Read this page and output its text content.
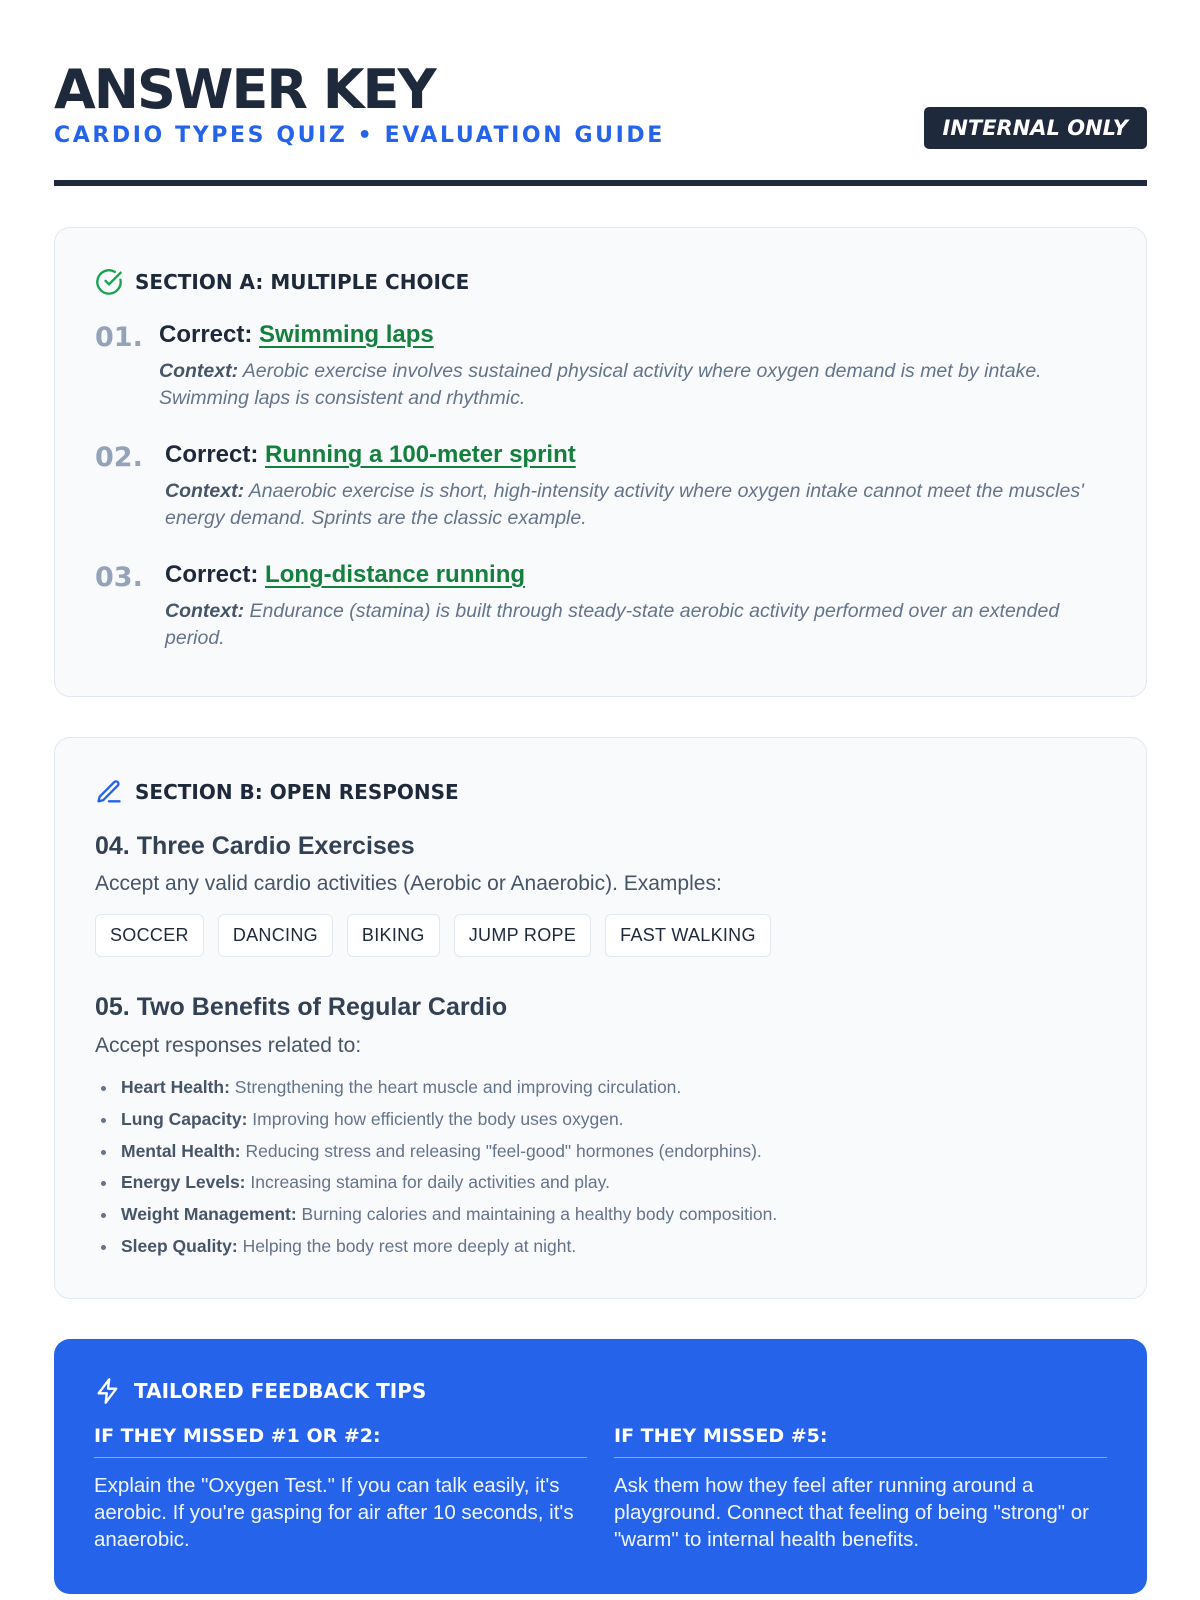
ANSWER KEY
CARDIO TYPES QUIZ • EVALUATION GUIDE	INTERNAL ONLY
SECTION A: MULTIPLE CHOICE
01. Correct: Swimming laps
Context: Aerobic exercise involves sustained physical activity where oxygen demand is met by intake. Swimming laps is consistent and rhythmic.
02. Correct: Running a 100-meter sprint
Context: Anaerobic exercise is short, high-intensity activity where oxygen intake cannot meet the muscles' energy demand. Sprints are the classic example.
03. Correct: Long-distance running
Context: Endurance (stamina) is built through steady-state aerobic activity performed over an extended period.
SECTION B: OPEN RESPONSE
04. Three Cardio Exercises
Accept any valid cardio activities (Aerobic or Anaerobic). Examples:
SOCCER	DANCING	BIKING	JUMP ROPE	FAST WALKING
05. Two Benefits of Regular Cardio
Accept responses related to:
Heart Health: Strengthening the heart muscle and improving circulation.
Lung Capacity: Improving how efficiently the body uses oxygen.
Mental Health: Reducing stress and releasing "feel-good" hormones (endorphins).
Energy Levels: Increasing stamina for daily activities and play.
Weight Management: Burning calories and maintaining a healthy body composition.
Sleep Quality: Helping the body rest more deeply at night.
TAILORED FEEDBACK TIPS
IF THEY MISSED #1 OR #2:
Explain the "Oxygen Test." If you can talk easily, it's aerobic. If you're gasping for air after 10 seconds, it's anaerobic.
IF THEY MISSED #5:
Ask them how they feel after running around a playground. Connect that feeling of being "strong" or "warm" to internal health benefits.
